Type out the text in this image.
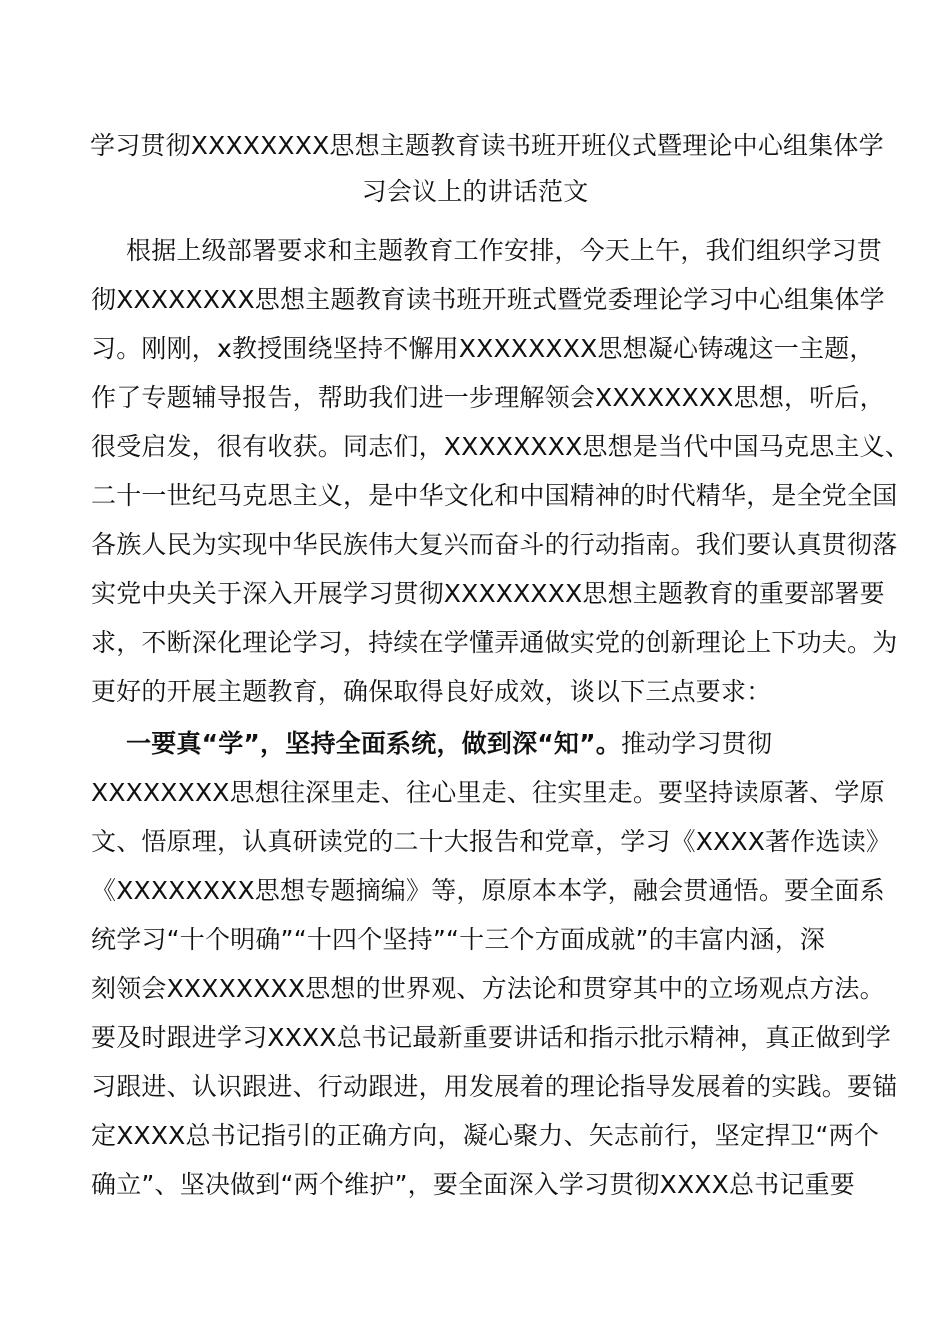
学习贯彻XXXXXXXX思想主题教育读书班开班仪式暨理论中心组集体学
习会议上的讲话范文
根据上级部署要求和主题教育工作安排，今天上午，我们组织学习贯
彻XXXXXXXX思想主题教育读书班开班式暨党委理论学习中心组集体学
习。刚刚，x教授围绕坚持不懈用XXXXXXXX思想凝心铸魂这一主题，
作了专题辅导报告，帮助我们进一步理解领会XXXXXXXX思想，听后，
很受启发，很有收获。同志们，XXXXXXXX思想是当代中国马克思主义、
二十一世纪马克思主义，是中华文化和中国精神的时代精华，是全党全国
各族人民为实现中华民族伟大复兴而奋斗的行动指南。我们要认真贯彻落
实党中央关于深入开展学习贯彻XXXXXXXX思想主题教育的重要部署要
求，不断深化理论学习，持续在学懂弄通做实党的创新理论上下功夫。为
更好的开展主题教育，确保取得良好成效，谈以下三点要求：
一要真“学”，坚持全面系统，做到深“知”。推动学习贯彻
XXXXXXXX思想往深里走、往心里走、往实里走。要坚持读原著、学原
文、悟原理，认真研读党的二十大报告和党章，学习《XXXX著作选读》
《XXXXXXXX思想专题摘编》等，原原本本学，融会贯通悟。要全面系
统学习“十个明确”“十四个坚持”“十三个方面成就”的丰富内涵，深
刻领会XXXXXXXX思想的世界观、方法论和贯穿其中的立场观点方法。
要及时跟进学习XXXX总书记最新重要讲话和指示批示精神，真正做到学
习跟进、认识跟进、行动跟进，用发展着的理论指导发展着的实践。要锚
定XXXX总书记指引的正确方向，凝心聚力、矢志前行，坚定捍卫“两个
确立”、坚决做到“两个维护”，要全面深入学习贯彻XXXX总书记重要
